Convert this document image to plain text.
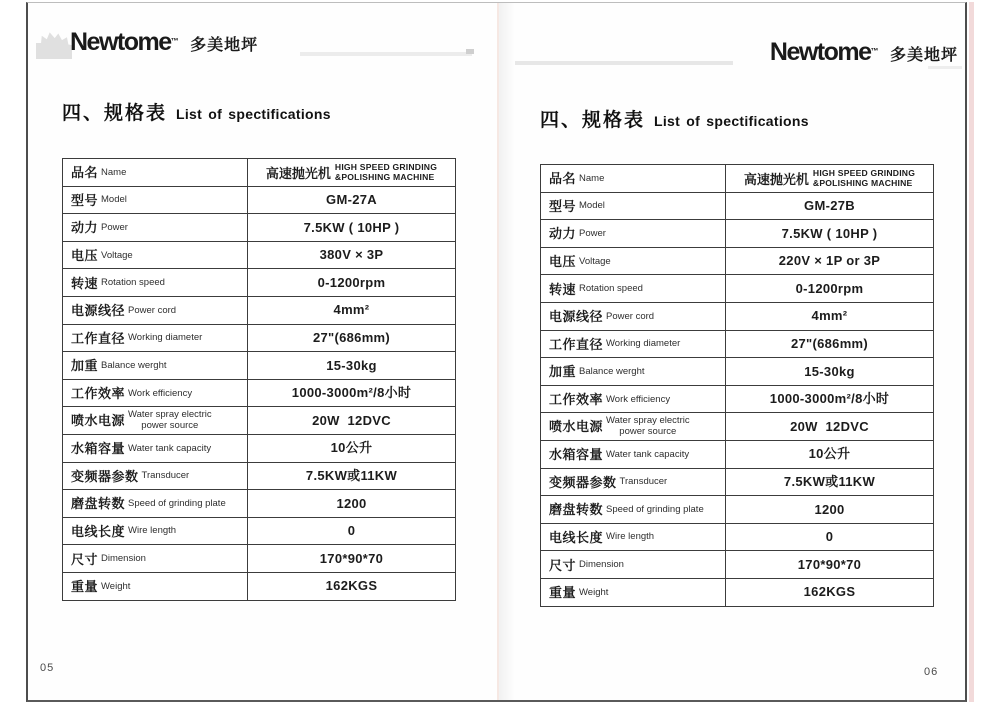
Newtome™ 多美地坪
四、规格表 List of spectifications
品名 Name	高速抛光机 HIGH SPEED GRINDING
&POLISHING MACHINE

型号 Model	GM-27A

动力 Power	7.5KW ( 10HP )

电压 Voltage	380V × 3P

转速 Rotation speed	0-1200rpm

电源线径 Power cord	4mm²

工作直径 Working diameter	27"(686mm)

加重 Balance werght	15-30kg

工作效率 Work efficiency	1000-3000m²/8小时

喷水电源 Water spray electric
power source	20W  12DVC

水箱容量 Water tank capacity	10公升

变频器参数 Transducer	7.5KW或11KW

磨盘转数 Speed of grinding plate	1200

电线长度 Wire length	0

尺寸 Dimension	170*90*70

重量 Weight	162KGS
05
Newtome™ 多美地坪
四、规格表 List of spectifications
品名 Name	高速抛光机 HIGH SPEED GRINDING
&POLISHING MACHINE

型号 Model	GM-27B

动力 Power	7.5KW ( 10HP )

电压 Voltage	220V × 1P or 3P

转速 Rotation speed	0-1200rpm

电源线径 Power cord	4mm²

工作直径 Working diameter	27"(686mm)

加重 Balance werght	15-30kg

工作效率 Work efficiency	1000-3000m²/8小时

喷水电源 Water spray electric
power source	20W  12DVC

水箱容量 Water tank capacity	10公升

变频器参数 Transducer	7.5KW或11KW

磨盘转数 Speed of grinding plate	1200

电线长度 Wire length	0

尺寸 Dimension	170*90*70

重量 Weight	162KGS
06
